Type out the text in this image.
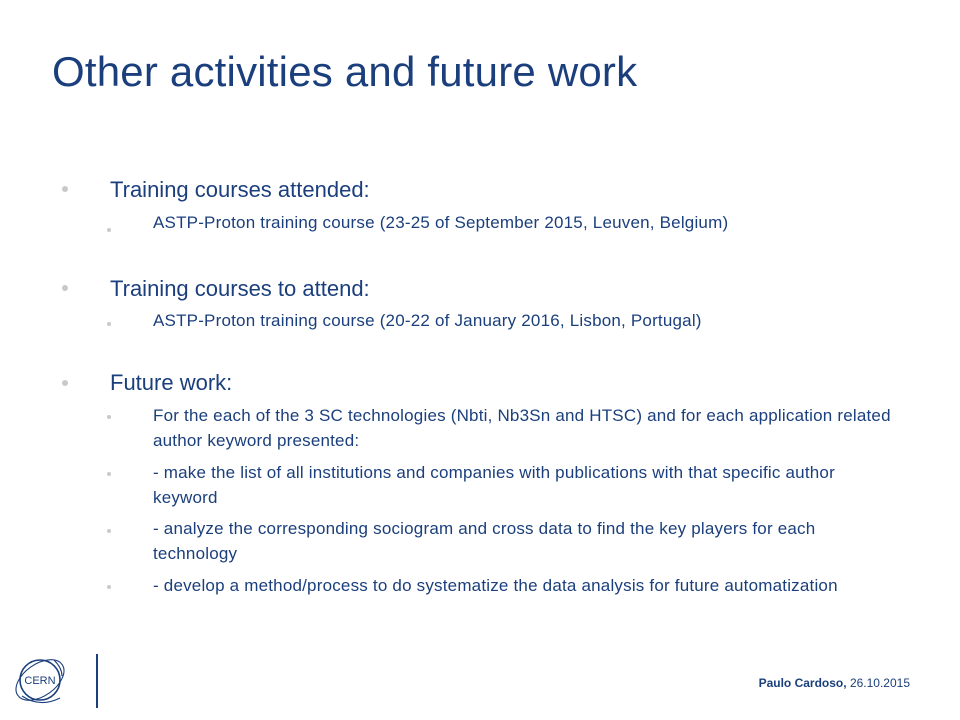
Other activities and future work
Training courses attended:
ASTP-Proton training course (23-25 of September 2015, Leuven, Belgium)
Training courses to attend:
ASTP-Proton training course (20-22 of January 2016, Lisbon, Portugal)
Future work:
For the each of the 3 SC technologies (Nbti, Nb3Sn and HTSC) and for each application related author keyword presented:
- make the list of all institutions and companies with publications with that specific author keyword
- analyze the corresponding sociogram and cross data to find the key players for each technology
- develop a method/process to do systematize the data analysis for future automatization
CERN	Paulo Cardoso, 26.10.2015
